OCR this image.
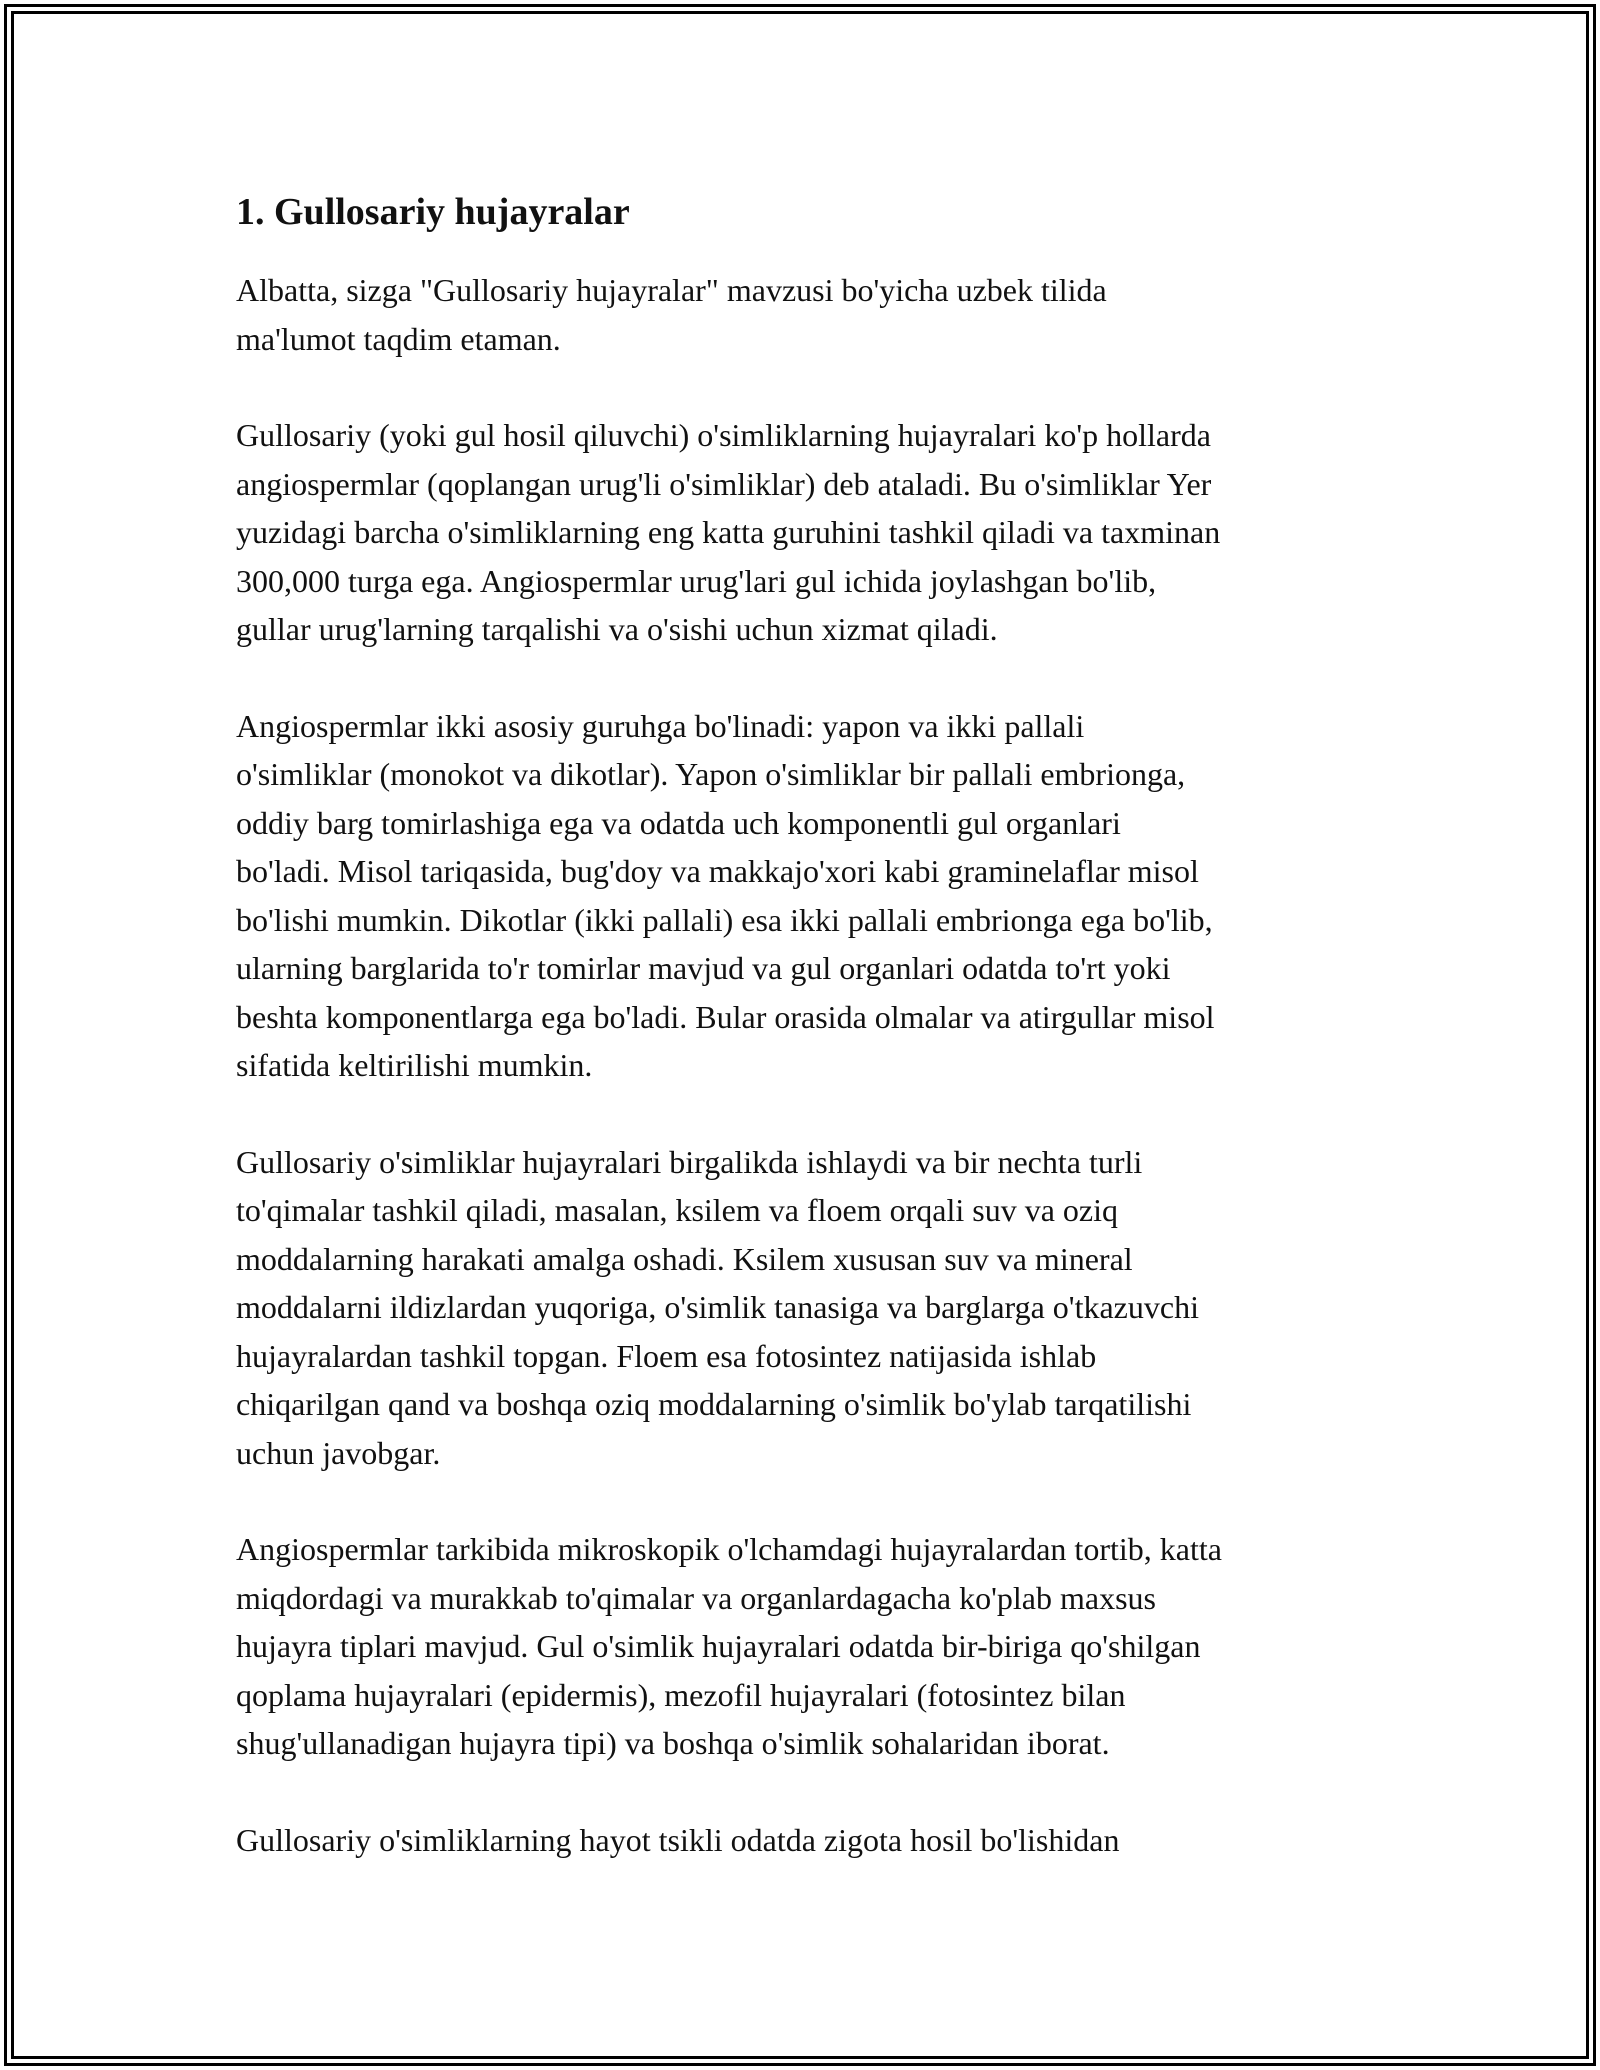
1. Gullosariy hujayralar

Albatta, sizga "Gullosariy hujayralar" mavzusi bo'yicha uzbek tilida
ma'lumot taqdim etaman.

Gullosariy (yoki gul hosil qiluvchi) o'simliklarning hujayralari ko'p hollarda
angiospermlar (qoplangan urug'li o'simliklar) deb ataladi. Bu o'simliklar Yer
yuzidagi barcha o'simliklarning eng katta guruhini tashkil qiladi va taxminan
300,000 turga ega. Angiospermlar urug'lari gul ichida joylashgan bo'lib,
gullar urug'larning tarqalishi va o'sishi uchun xizmat qiladi.

Angiospermlar ikki asosiy guruhga bo'linadi: yapon va ikki pallali
o'simliklar (monokot va dikotlar). Yapon o'simliklar bir pallali embrionga,
oddiy barg tomirlashiga ega va odatda uch komponentli gul organlari
bo'ladi. Misol tariqasida, bug'doy va makkajo'xori kabi graminelaflar misol
bo'lishi mumkin. Dikotlar (ikki pallali) esa ikki pallali embrionga ega bo'lib,
ularning barglarida to'r tomirlar mavjud va gul organlari odatda to'rt yoki
beshta komponentlarga ega bo'ladi. Bular orasida olmalar va atirgullar misol
sifatida keltirilishi mumkin.

Gullosariy o'simliklar hujayralari birgalikda ishlaydi va bir nechta turli
to'qimalar tashkil qiladi, masalan, ksilem va floem orqali suv va oziq
moddalarning harakati amalga oshadi. Ksilem xususan suv va mineral
moddalarni ildizlardan yuqoriga, o'simlik tanasiga va barglarga o'tkazuvchi
hujayralardan tashkil topgan. Floem esa fotosintez natijasida ishlab
chiqarilgan qand va boshqa oziq moddalarning o'simlik bo'ylab tarqatilishi
uchun javobgar.

Angiospermlar tarkibida mikroskopik o'lchamdagi hujayralardan tortib, katta
miqdordagi va murakkab to'qimalar va organlardagacha ko'plab maxsus
hujayra tiplari mavjud. Gul o'simlik hujayralari odatda bir-biriga qo'shilgan
qoplama hujayralari (epidermis), mezofil hujayralari (fotosintez bilan
shug'ullanadigan hujayra tipi) va boshqa o'simlik sohalaridan iborat.

Gullosariy o'simliklarning hayot tsikli odatda zigota hosil bo'lishidan
